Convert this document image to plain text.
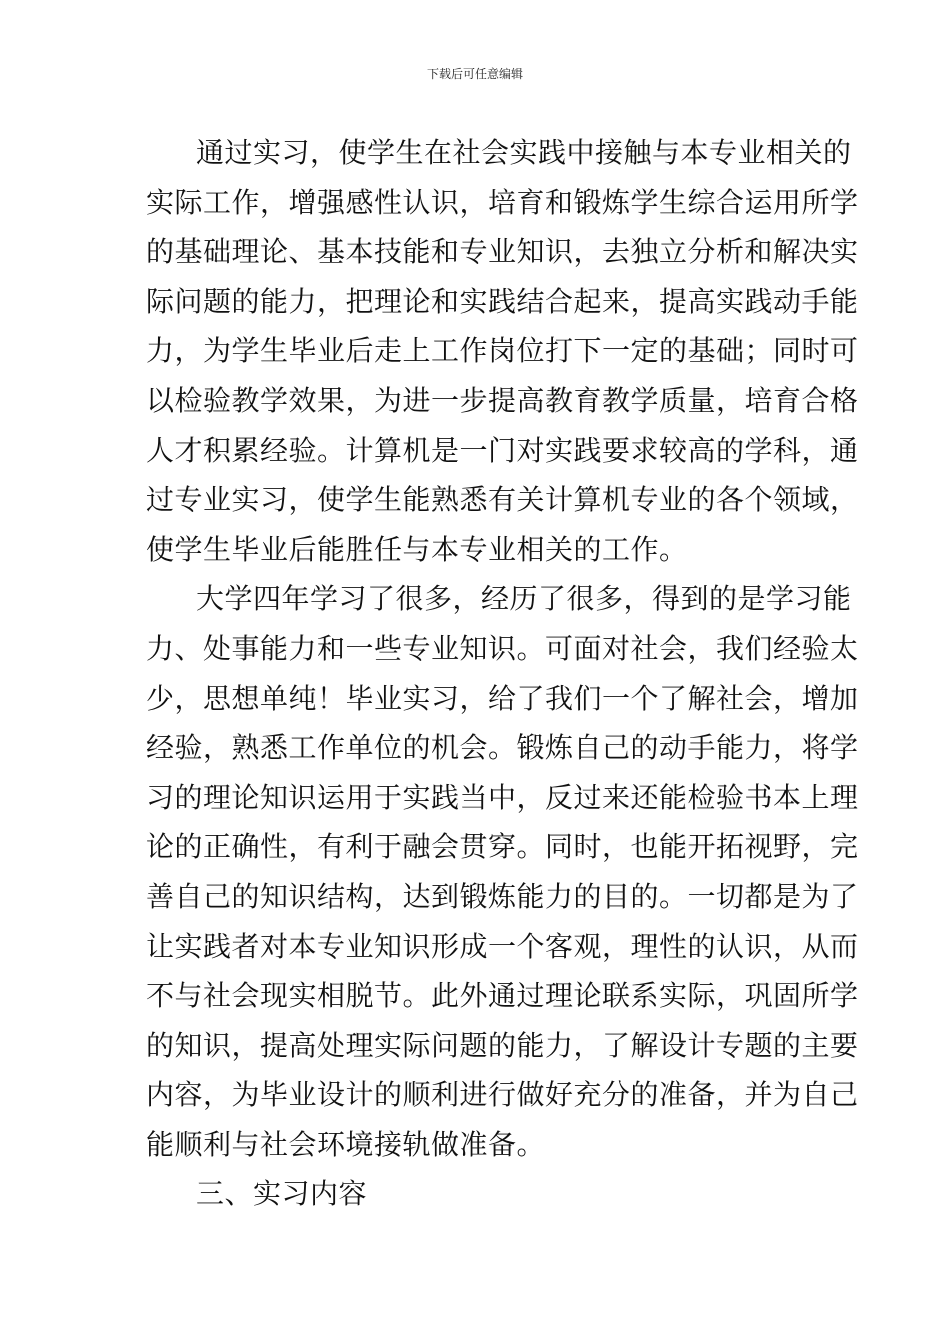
下载后可任意编辑
通过实习，使学生在社会实践中接触与本专业相关的
实际工作，增强感性认识，培育和锻炼学生综合运用所学
的基础理论、基本技能和专业知识，去独立分析和解决实
际问题的能力，把理论和实践结合起来，提高实践动手能
力，为学生毕业后走上工作岗位打下一定的基础；同时可
以检验教学效果，为进一步提高教育教学质量，培育合格
人才积累经验。计算机是一门对实践要求较高的学科，通
过专业实习，使学生能熟悉有关计算机专业的各个领域，
使学生毕业后能胜任与本专业相关的工作。
大学四年学习了很多，经历了很多，得到的是学习能
力、处事能力和一些专业知识。可面对社会，我们经验太
少，思想单纯！毕业实习，给了我们一个了解社会，增加
经验，熟悉工作单位的机会。锻炼自己的动手能力，将学
习的理论知识运用于实践当中，反过来还能检验书本上理
论的正确性，有利于融会贯穿。同时，也能开拓视野，完
善自己的知识结构，达到锻炼能力的目的。一切都是为了
让实践者对本专业知识形成一个客观，理性的认识，从而
不与社会现实相脱节。此外通过理论联系实际，巩固所学
的知识，提高处理实际问题的能力，了解设计专题的主要
内容，为毕业设计的顺利进行做好充分的准备，并为自己
能顺利与社会环境接轨做准备。
三、实习内容
